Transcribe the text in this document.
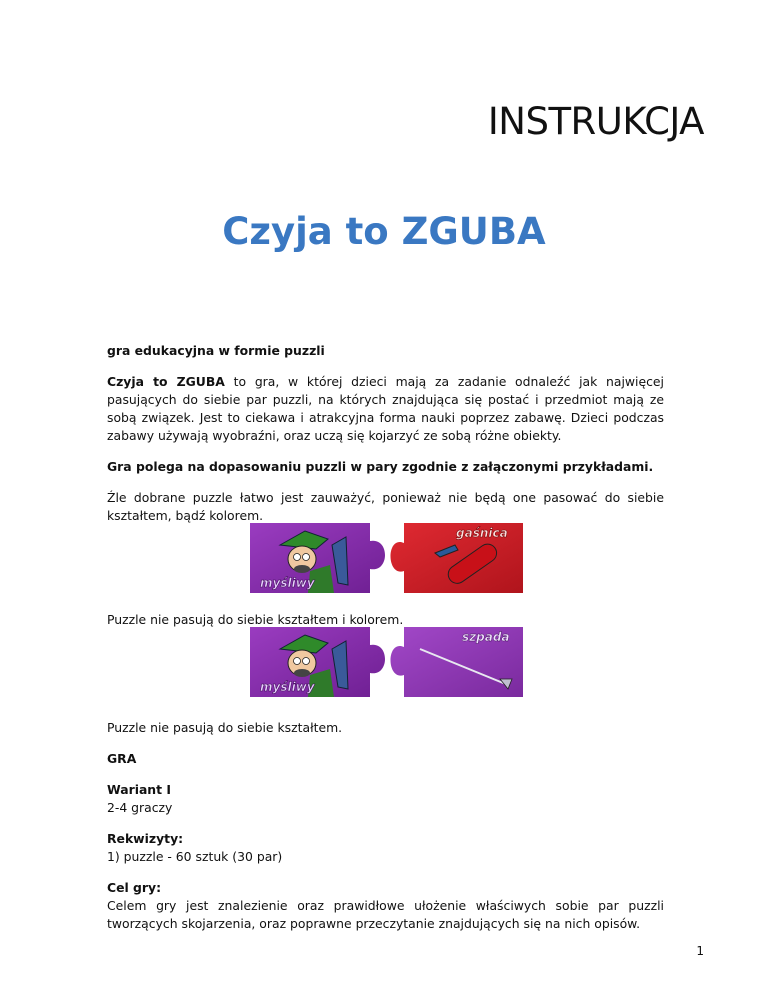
INSTRUKCJA
Czyja to ZGUBA

gra edukacyjna w formie puzzli

Czyja to ZGUBA to gra, w której dzieci mają za zadanie odnaleźć jak najwięcej pasujących do siebie par puzzli, na których znajdująca się postać i przedmiot mają ze sobą związek. Jest to ciekawa i atrakcyjna forma nauki poprzez zabawę. Dzieci podczas zabawy używają wyobraźni, oraz uczą się kojarzyć ze sobą różne obiekty.

Gra polega na dopasowaniu puzzli w pary zgodnie z załączonymi przykładami.

Źle dobrane puzzle łatwo jest zauważyć, ponieważ nie będą one pasować do siebie kształtem, bądź kolorem.

myśliwy
gaśnica

Puzzle nie pasują do siebie kształtem i kolorem.

myśliwy
szpada

Puzzle nie pasują do siebie kształtem.

GRA

Wariant I

2-4 graczy

Rekwizyty:

1) puzzle - 60 sztuk (30 par)

Cel gry:

Celem gry jest znalezienie oraz prawidłowe ułożenie właściwych sobie par puzzli tworzących skojarzenia, oraz poprawne przeczytanie znajdujących się na nich opisów.

1
